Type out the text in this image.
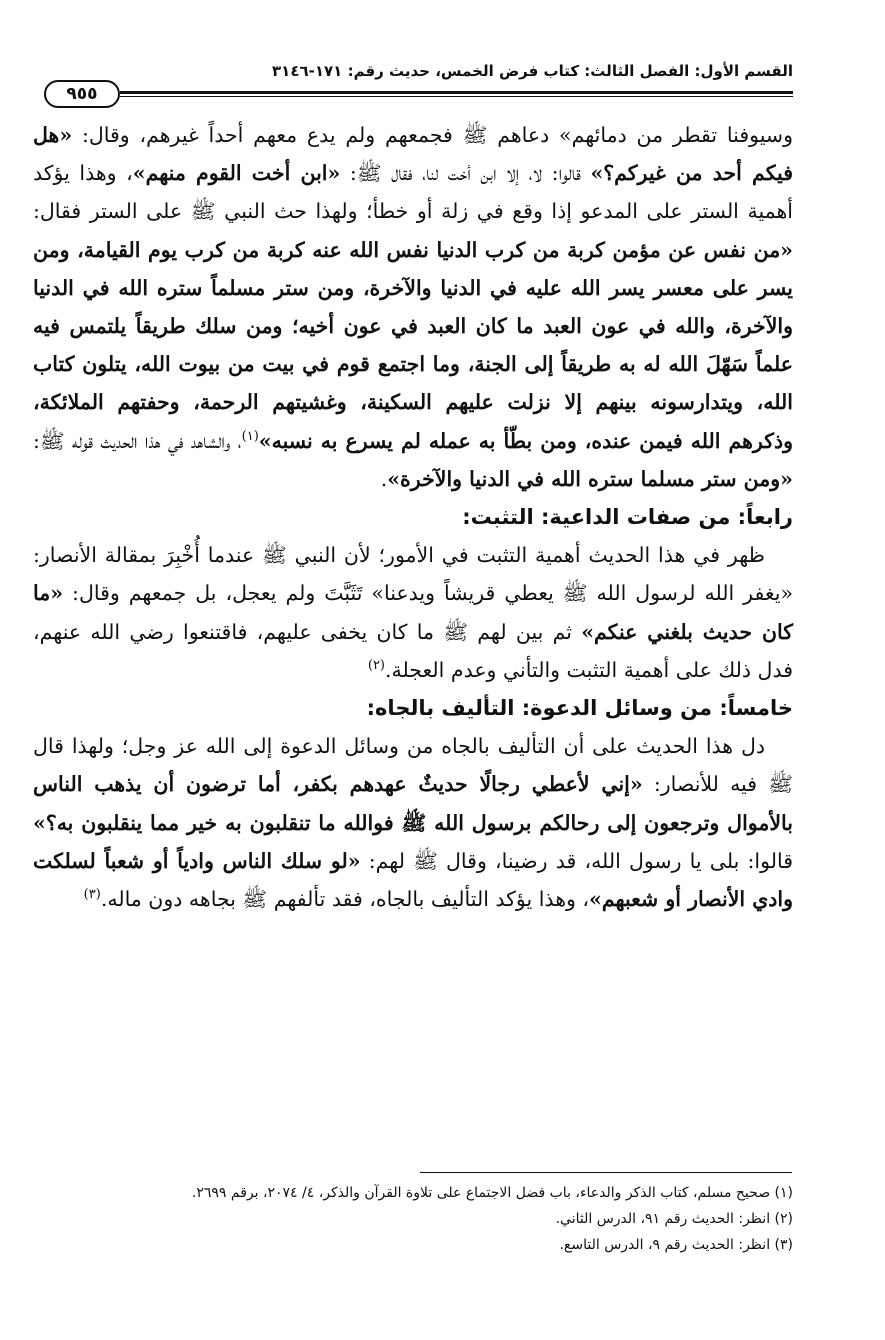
القسم الأول: الفصل الثالث: كتاب فرض الخمس، حديث رقم: ١٧١-٣١٤٦
٩٥٥

وسيوفنا تقطر من دمائهم» دعاهم ﷺ فجمعهم ولم يدع معهم أحداً غيرهم، وقال: «هل فيكم أحد من غيركم؟» قالوا: لا، إلا ابن أخت لنا، فقال ﷺ: «ابن أخت القوم منهم»، وهذا يؤكد أهمية الستر على المدعو إذا وقع في زلة أو خطأ؛ ولهذا حث النبي ﷺ على الستر فقال: «من نفس عن مؤمن كربة من كرب الدنيا نفس الله عنه كربة من كرب يوم القيامة، ومن يسر على معسر يسر الله عليه في الدنيا والآخرة، ومن ستر مسلماً ستره الله في الدنيا والآخرة، والله في عون العبد ما كان العبد في عون أخيه؛ ومن سلك طريقاً يلتمس فيه علماً سَهّلَ الله له به طريقاً إلى الجنة، وما اجتمع قوم في بيت من بيوت الله، يتلون كتاب الله، ويتدارسونه بينهم إلا نزلت عليهم السكينة، وغشيتهم الرحمة، وحفتهم الملائكة، وذكرهم الله فيمن عنده، ومن بطّأ به عمله لم يسرع به نسبه»$^{(١)}$، والشاهد في هذا الحديث قوله ﷺ: «ومن ستر مسلما ستره الله في الدنيا والآخرة».

رابعاً: من صفات الداعية: التثبت:

ظهر في هذا الحديث أهمية التثبت في الأمور؛ لأن النبي ﷺ عندما أُخْبِرَ بمقالة الأنصار: «يغفر الله لرسول الله ﷺ يعطي قريشاً ويدعنا» تَثَبَّتَ ولم يعجل، بل جمعهم وقال: «ما كان حديث بلغني عنكم» ثم بين لهم ﷺ ما كان يخفى عليهم، فاقتنعوا رضي الله عنهم، فدل ذلك على أهمية التثبت والتأني وعدم العجلة.$^{(٢)}$

خامساً: من وسائل الدعوة: التأليف بالجاه:

دل هذا الحديث على أن التأليف بالجاه من وسائل الدعوة إلى الله عز وجل؛ ولهذا قال ﷺ فيه للأنصار: «إني لأعطي رجالًا حديثٌ عهدهم بكفر، أما ترضون أن يذهب الناس بالأموال وترجعون إلى رحالكم برسول الله ﷺ فوالله ما تنقلبون به خير مما ينقلبون به؟» قالوا: بلى يا رسول الله، قد رضينا، وقال ﷺ لهم: «لو سلك الناس وادياً أو شعباً لسلكت وادي الأنصار أو شعبهم»، وهذا يؤكد التأليف بالجاه، فقد تألفهم ﷺ بجاهه دون ماله.$^{(٣)}$

(١) صحيح مسلم، كتاب الذكر والدعاء، باب فضل الاجتماع على تلاوة القرآن والذكر، ٤/ ٢٠٧٤، برقم ٢٦٩٩.

(٢) انظر: الحديث رقم ٩١، الدرس الثاني.

(٣) انظر: الحديث رقم ٩، الدرس التاسع.
